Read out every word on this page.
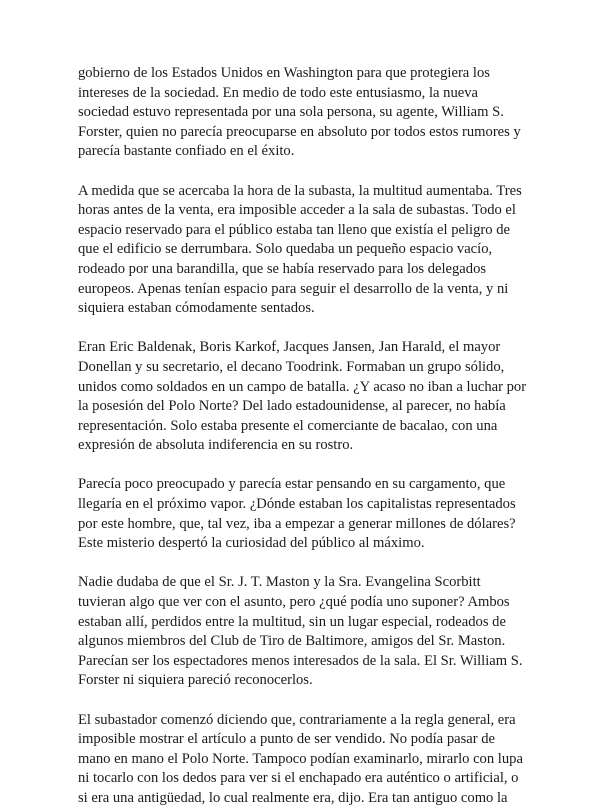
gobierno de los Estados Unidos en Washington para que protegiera los intereses de la sociedad. En medio de todo este entusiasmo, la nueva sociedad estuvo representada por una sola persona, su agente, William S. Forster, quien no parecía preocuparse en absoluto por todos estos rumores y parecía bastante confiado en el éxito.

A medida que se acercaba la hora de la subasta, la multitud aumentaba. Tres horas antes de la venta, era imposible acceder a la sala de subastas. Todo el espacio reservado para el público estaba tan lleno que existía el peligro de que el edificio se derrumbara. Solo quedaba un pequeño espacio vacío, rodeado por una barandilla, que se había reservado para los delegados europeos. Apenas tenían espacio para seguir el desarrollo de la venta, y ni siquiera estaban cómodamente sentados.

Eran Eric Baldenak, Boris Karkof, Jacques Jansen, Jan Harald, el mayor Donellan y su secretario, el decano Toodrink. Formaban un grupo sólido, unidos como soldados en un campo de batalla. ¿Y acaso no iban a luchar por la posesión del Polo Norte? Del lado estadounidense, al parecer, no había representación. Solo estaba presente el comerciante de bacalao, con una expresión de absoluta indiferencia en su rostro.

Parecía poco preocupado y parecía estar pensando en su cargamento, que llegaría en el próximo vapor. ¿Dónde estaban los capitalistas representados por este hombre, que, tal vez, iba a empezar a generar millones de dólares? Este misterio despertó la curiosidad del público al máximo.

Nadie dudaba de que el Sr. J. T. Maston y la Sra. Evangelina Scorbitt tuvieran algo que ver con el asunto, pero ¿qué podía uno suponer? Ambos estaban allí, perdidos entre la multitud, sin un lugar especial, rodeados de algunos miembros del Club de Tiro de Baltimore, amigos del Sr. Maston. Parecían ser los espectadores menos interesados de la sala. El Sr. William S. Forster ni siquiera pareció reconocerlos.

El subastador comenzó diciendo que, contrariamente a la regla general, era imposible mostrar el artículo a punto de ser vendido. No podía pasar de mano en mano el Polo Norte. Tampoco podían examinarlo, mirarlo con lupa ni tocarlo con los dedos para ver si el enchapado era auténtico o artificial, o si era una antigüedad, lo cual realmente era, dijo. Era tan antiguo como la
